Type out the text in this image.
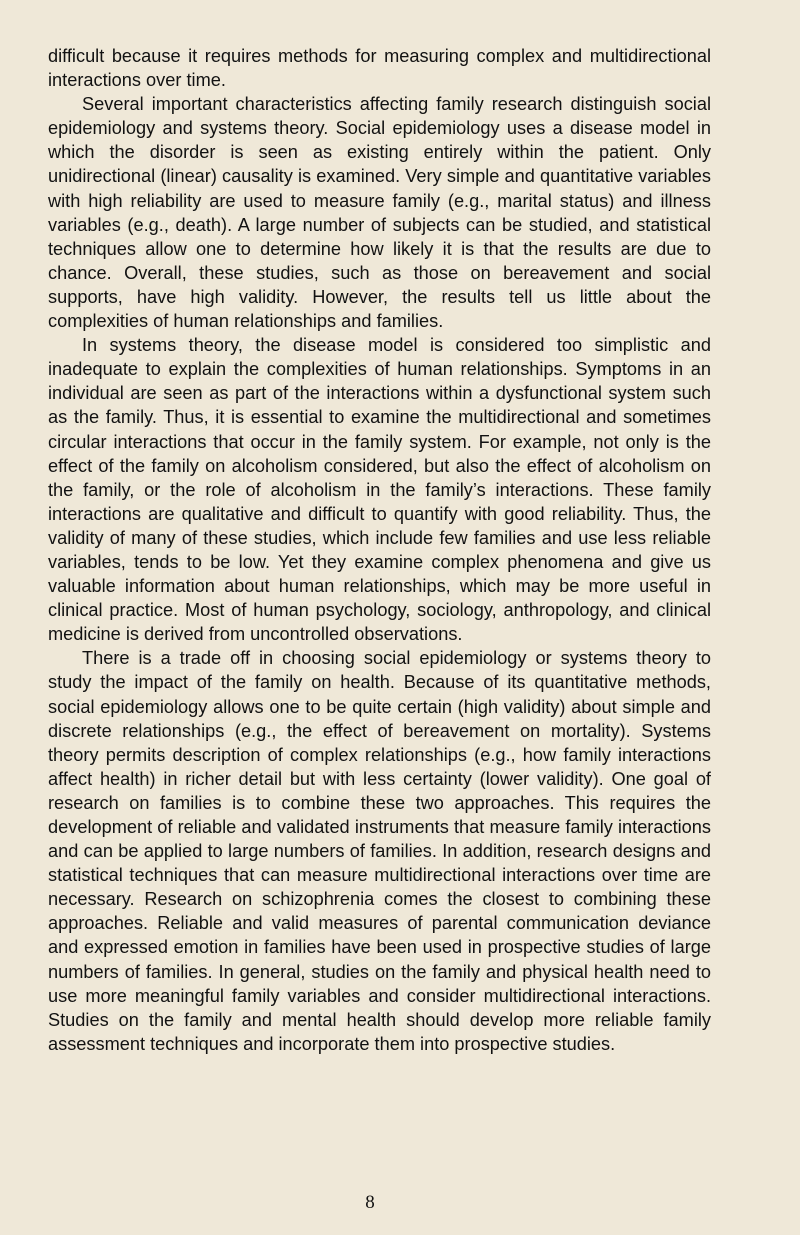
difficult because it requires methods for measuring complex and multidirectional interactions over time.

Several important characteristics affecting family research distinguish social epidemiology and systems theory. Social epidemiology uses a disease model in which the disorder is seen as existing entirely within the patient. Only unidirectional (linear) causality is examined. Very simple and quantitative variables with high reliability are used to measure family (e.g., marital status) and illness variables (e.g., death). A large number of subjects can be studied, and statistical techniques allow one to determine how likely it is that the results are due to chance. Overall, these studies, such as those on bereavement and social supports, have high validity. However, the results tell us little about the complexities of human relationships and families.

In systems theory, the disease model is considered too simplistic and inadequate to explain the complexities of human relationships. Symptoms in an individual are seen as part of the interactions within a dysfunctional system such as the family. Thus, it is essential to examine the multidirectional and sometimes circular interactions that occur in the family system. For example, not only is the effect of the family on alcoholism considered, but also the effect of alcoholism on the family, or the role of alcoholism in the family’s interactions. These family interactions are qualitative and difficult to quantify with good reliability. Thus, the validity of many of these studies, which include few families and use less reliable variables, tends to be low. Yet they examine complex phenomena and give us valuable information about human relationships, which may be more useful in clinical practice. Most of human psychology, sociology, anthropology, and clinical medicine is derived from uncontrolled observations.

There is a trade off in choosing social epidemiology or systems theory to study the impact of the family on health. Because of its quantitative methods, social epidemiology allows one to be quite certain (high validity) about simple and discrete relationships (e.g., the effect of bereavement on mortality). Systems theory permits description of complex relationships (e.g., how family interactions affect health) in richer detail but with less certainty (lower validity). One goal of research on families is to combine these two approaches. This requires the development of reliable and validated instruments that measure family interactions and can be applied to large numbers of families. In addition, research designs and statistical techniques that can measure multidirectional interactions over time are necessary. Research on schizophrenia comes the closest to combining these approaches. Reliable and valid measures of parental communication deviance and expressed emotion in families have been used in prospective studies of large numbers of families. In general, studies on the family and physical health need to use more meaningful family variables and consider multidirectional interactions. Studies on the family and mental health should develop more reliable family assessment techniques and incorporate them into prospective studies.

8
